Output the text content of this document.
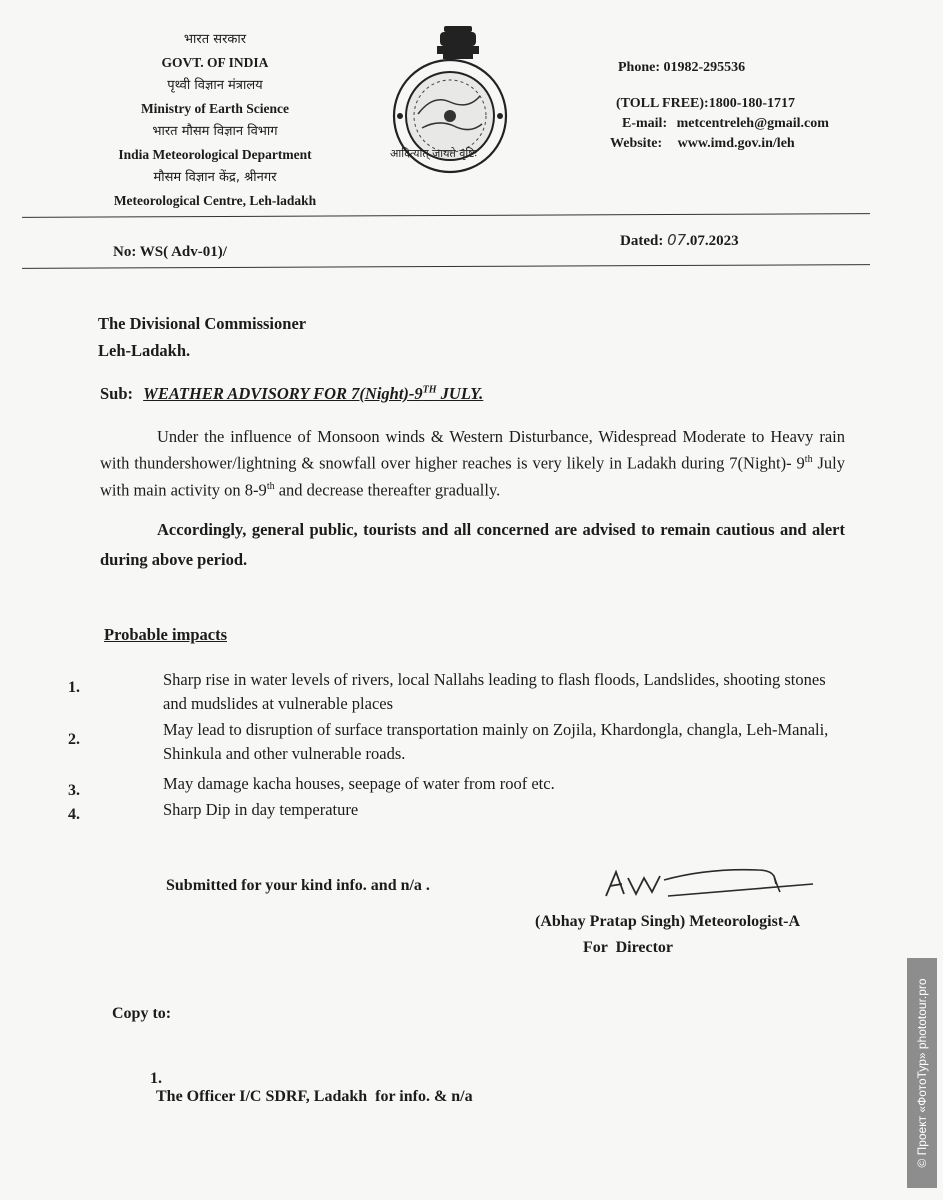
भारत सरकार
GOVT. OF INDIA
पृथ्वी विज्ञान मंत्रालय
Ministry of Earth Science
भारत मौसम विज्ञान विभाग
India Meteorological Department
मौसम विज्ञान केंद्र, श्रीनगर
Meteorological Centre, Leh-ladakh
आदित्यात् जायते वृष्टिः
Phone: 01982-295536
(TOLL FREE):1800-180-1717
E-mail: metcentreleh@gmail.com
Website: www.imd.gov.in/leh
No: WS( Adv-01)/
Dated: 07.07.2023
The Divisional Commissioner
Leh-Ladakh.
Sub: WEATHER ADVISORY FOR 7(Night)-9TH JULY.

Under the influence of Monsoon winds & Western Disturbance, Widespread Moderate to Heavy rain with thundershower/lightning & snowfall over higher reaches is very likely in Ladakh during 7(Night)- 9th July with main activity on 8-9th and decrease thereafter gradually.

Accordingly, general public, tourists and all concerned are advised to remain cautious and alert during above period.

Probable impacts
1.	Sharp rise in water levels of rivers, local Nallahs leading to flash floods, Landslides, shooting stones and mudslides at vulnerable places
2.
May lead to disruption of surface transportation mainly on Zojila, Khardongla, changla, Leh-Manali, Shinkula and other vulnerable roads.
3.	May damage kacha houses, seepage of water from roof etc.
4.	Sharp Dip in day temperature
Submitted for your kind info. and n/a .
(Abhay Pratap Singh) Meteorologist-A
For  Director
Copy to:

1.
The Officer I/C SDRF, Ladakh  for info. & n/a	© Проект «ФотоТур» phototour.pro
